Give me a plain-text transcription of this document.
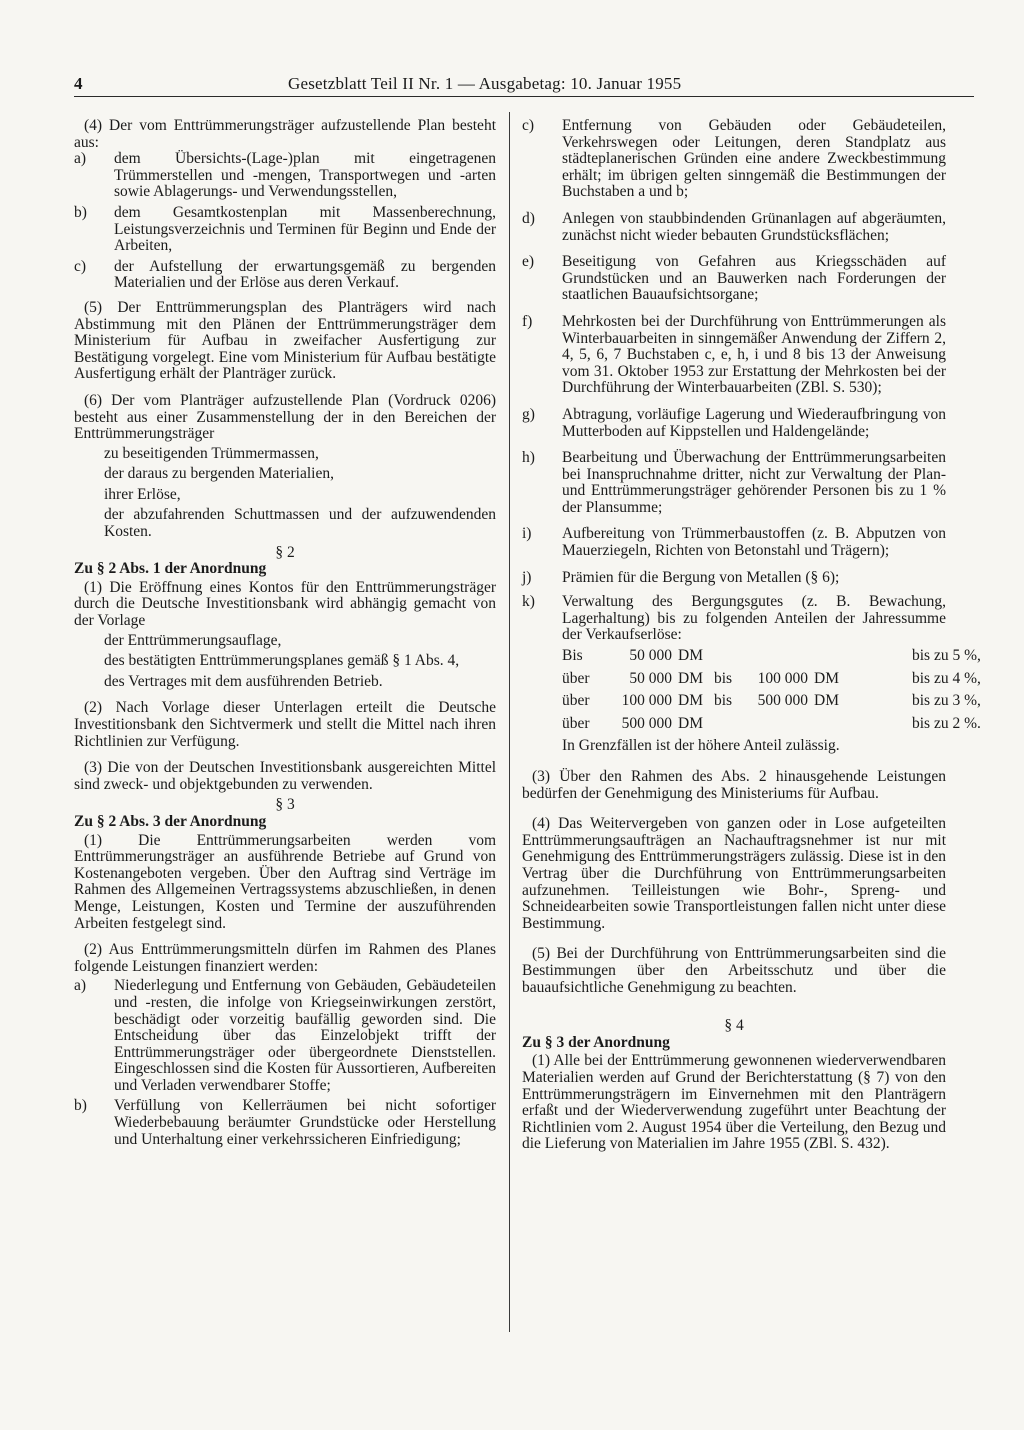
4	Gesetzblatt Teil II Nr. 1 — Ausgabetag: 10. Januar 1955

(4) Der vom Enttrümmerungsträger aufzustellende Plan besteht aus:

a)	dem Übersichts-(Lage-)plan mit eingetragenen Trümmerstellen und -mengen, Transportwegen und -arten sowie Ablagerungs- und Verwendungsstellen,
b)	dem Gesamtkostenplan mit Massenberechnung, Leistungsverzeichnis und Terminen für Beginn und Ende der Arbeiten,
c)	der Aufstellung der erwartungsgemäß zu bergenden Materialien und der Erlöse aus deren Verkauf.

(5) Der Enttrümmerungsplan des Planträgers wird nach Abstimmung mit den Plänen der Enttrümmerungsträger dem Ministerium für Aufbau in zweifacher Ausfertigung zur Bestätigung vorgelegt. Eine vom Ministerium für Aufbau bestätigte Ausfertigung erhält der Planträger zurück.

(6) Der vom Planträger aufzustellende Plan (Vordruck 0206) besteht aus einer Zusammenstellung der in den Bereichen der Enttrümmerungsträger

zu beseitigenden Trümmermassen,

der daraus zu bergenden Materialien,

ihrer Erlöse,

der abzufahrenden Schuttmassen und der aufzuwendenden Kosten.

§ 2

Zu § 2 Abs. 1 der Anordnung

(1) Die Eröffnung eines Kontos für den Enttrümmerungsträger durch die Deutsche Investitionsbank wird abhängig gemacht von der Vorlage

der Enttrümmerungsauflage,

des bestätigten Enttrümmerungsplanes gemäß § 1 Abs. 4,

des Vertrages mit dem ausführenden Betrieb.

(2) Nach Vorlage dieser Unterlagen erteilt die Deutsche Investitionsbank den Sichtvermerk und stellt die Mittel nach ihren Richtlinien zur Verfügung.

(3) Die von der Deutschen Investitionsbank ausgereichten Mittel sind zweck- und objektgebunden zu verwenden.

§ 3

Zu § 2 Abs. 3 der Anordnung

(1) Die Enttrümmerungsarbeiten werden vom Enttrümmerungsträger an ausführende Betriebe auf Grund von Kostenangeboten vergeben. Über den Auftrag sind Verträge im Rahmen des Allgemeinen Vertragssystems abzuschließen, in denen Menge, Leistungen, Kosten und Termine der auszuführenden Arbeiten festgelegt sind.

(2) Aus Enttrümmerungsmitteln dürfen im Rahmen des Planes folgende Leistungen finanziert werden:

a)	Niederlegung und Entfernung von Gebäuden, Gebäudeteilen und -resten, die infolge von Kriegseinwirkungen zerstört, beschädigt oder vorzeitig baufällig geworden sind. Die Entscheidung über das Einzelobjekt trifft der Enttrümmerungsträger oder übergeordnete Dienststellen. Eingeschlossen sind die Kosten für Aussortieren, Aufbereiten und Verladen verwendbarer Stoffe;
b)	Verfüllung von Kellerräumen bei nicht sofortiger Wiederbebauung beräumter Grundstücke oder Herstellung und Unterhaltung einer verkehrssicheren Einfriedigung;
c)	Entfernung von Gebäuden oder Gebäudeteilen, Verkehrswegen oder Leitungen, deren Standplatz aus städteplanerischen Gründen eine andere Zweckbestimmung erhält; im übrigen gelten sinngemäß die Bestimmungen der Buchstaben a und b;
d)	Anlegen von staubbindenden Grünanlagen auf abgeräumten, zunächst nicht wieder bebauten Grundstücksflächen;
e)	Beseitigung von Gefahren aus Kriegsschäden auf Grundstücken und an Bauwerken nach Forderungen der staatlichen Bauaufsichtsorgane;
f)	Mehrkosten bei der Durchführung von Enttrümmerungen als Winterbauarbeiten in sinngemäßer Anwendung der Ziffern 2, 4, 5, 6, 7 Buchstaben c, e, h, i und 8 bis 13 der Anweisung vom 31. Oktober 1953 zur Erstattung der Mehrkosten bei der Durchführung der Winterbauarbeiten (ZBl. S. 530);
g)	Abtragung, vorläufige Lagerung und Wiederaufbringung von Mutterboden auf Kippstellen und Haldengelände;
h)	Bearbeitung und Überwachung der Enttrümmerungsarbeiten bei Inanspruchnahme dritter, nicht zur Verwaltung der Plan- und Enttrümmerungsträger gehörender Personen bis zu 1 % der Plansumme;
i)	Aufbereitung von Trümmerbaustoffen (z. B. Abputzen von Mauerziegeln, Richten von Betonstahl und Trägern);
j)	Prämien für die Bergung von Metallen (§ 6);
k)	Verwaltung des Bergungsgutes (z. B. Bewachung, Lagerhaltung) bis zu folgenden Anteilen der Jahressumme der Verkaufserlöse:
Bis	50 000 DM	bis zu 5 %,
über	50 000 DM bis	100 000 DM	bis zu 4 %,
über	100 000 DM bis	500 000 DM	bis zu 3 %,
über	500 000 DM	bis zu 2 %.

In Grenzfällen ist der höhere Anteil zulässig.

(3) Über den Rahmen des Abs. 2 hinausgehende Leistungen bedürfen der Genehmigung des Ministeriums für Aufbau.

(4) Das Weitervergeben von ganzen oder in Lose aufgeteilten Enttrümmerungsaufträgen an Nachauftragsnehmer ist nur mit Genehmigung des Enttrümmerungsträgers zulässig. Diese ist in den Vertrag über die Durchführung von Enttrümmerungsarbeiten aufzunehmen. Teilleistungen wie Bohr-, Spreng- und Schneidearbeiten sowie Transportleistungen fallen nicht unter diese Bestimmung.

(5) Bei der Durchführung von Enttrümmerungsarbeiten sind die Bestimmungen über den Arbeitsschutz und über die bauaufsichtliche Genehmigung zu beachten.

§ 4

Zu § 3 der Anordnung

(1) Alle bei der Enttrümmerung gewonnenen wiederverwendbaren Materialien werden auf Grund der Berichterstattung (§ 7) von den Enttrümmerungsträgern im Einvernehmen mit den Planträgern erfaßt und der Wiederverwendung zugeführt unter Beachtung der Richtlinien vom 2. August 1954 über die Verteilung, den Bezug und die Lieferung von Materialien im Jahre 1955 (ZBl. S. 432).
